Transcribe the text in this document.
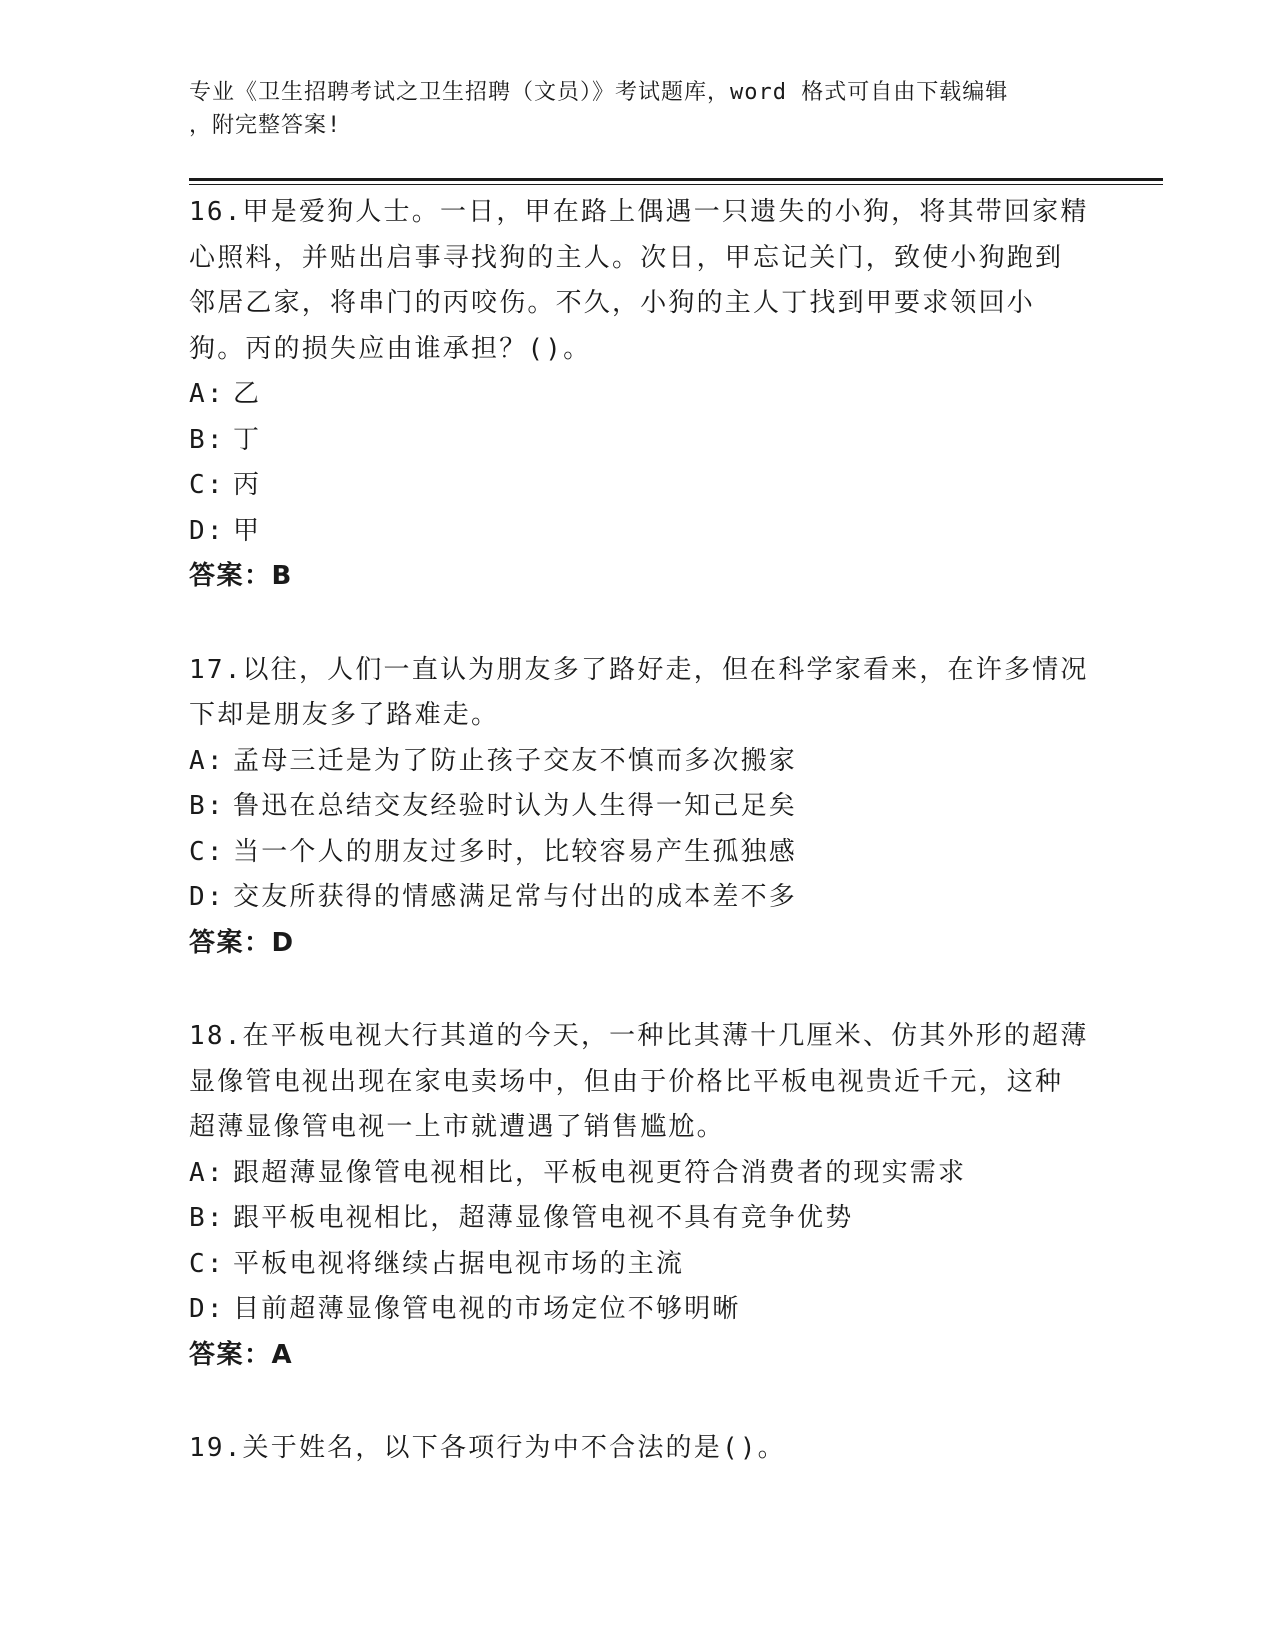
专业《卫生招聘考试之卫生招聘（文员）》考试题库，word 格式可自由下载编辑
，附完整答案!

16.甲是爱狗人士。一日，甲在路上偶遇一只遗失的小狗，将其带回家精心照料，并贴出启事寻找狗的主人。次日，甲忘记关门，致使小狗跑到邻居乙家，将串门的丙咬伤。不久，小狗的主人丁找到甲要求领回小狗。丙的损失应由谁承担？()。

A: 乙

B: 丁

C: 丙

D: 甲

答案：B

17.以往，人们一直认为朋友多了路好走，但在科学家看来，在许多情况下却是朋友多了路难走。

A: 孟母三迁是为了防止孩子交友不慎而多次搬家

B: 鲁迅在总结交友经验时认为人生得一知己足矣

C: 当一个人的朋友过多时，比较容易产生孤独感

D: 交友所获得的情感满足常与付出的成本差不多

答案：D

18.在平板电视大行其道的今天，一种比其薄十几厘米、仿其外形的超薄显像管电视出现在家电卖场中，但由于价格比平板电视贵近千元，这种超薄显像管电视一上市就遭遇了销售尴尬。

A: 跟超薄显像管电视相比，平板电视更符合消费者的现实需求

B: 跟平板电视相比，超薄显像管电视不具有竞争优势

C: 平板电视将继续占据电视市场的主流

D: 目前超薄显像管电视的市场定位不够明晰

答案：A

19.关于姓名，以下各项行为中不合法的是()。
